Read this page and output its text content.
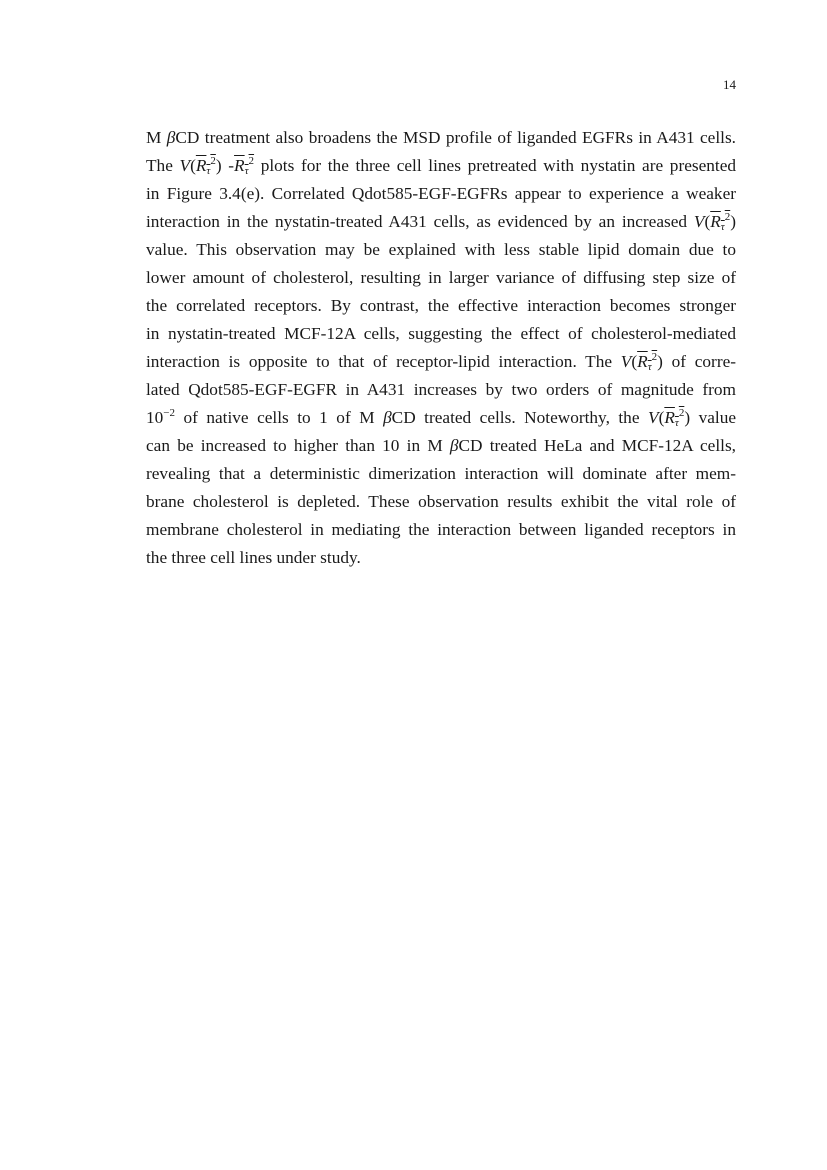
14
M βCD treatment also broadens the MSD profile of liganded EGFRs in A431 cells.
The $V(R_\tau^2)$ $-R_\tau^2$ plots for the three cell lines pretreated with nystatin are presented
in Figure 3.4(e). Correlated Qdot585-EGF-EGFRs appear to experience a weaker
interaction in the nystatin-treated A431 cells, as evidenced by an increased $V(R_\tau^2)$
value. This observation may be explained with less stable lipid domain due to
lower amount of cholesterol, resulting in larger variance of diffusing step size of
the correlated receptors. By contrast, the effective interaction becomes stronger
in nystatin-treated MCF-12A cells, suggesting the effect of cholesterol-mediated
interaction is opposite to that of receptor-lipid interaction. The $V(R_\tau^2)$ of corre-
lated Qdot585-EGF-EGFR in A431 increases by two orders of magnitude from
$10^{-2}$ of native cells to 1 of M βCD treated cells. Noteworthy, the $V(R_\tau^2)$ value
can be increased to higher than 10 in M βCD treated HeLa and MCF-12A cells,
revealing that a deterministic dimerization interaction will dominate after mem-
brane cholesterol is depleted. These observation results exhibit the vital role of
membrane cholesterol in mediating the interaction between liganded receptors in
the three cell lines under study.
